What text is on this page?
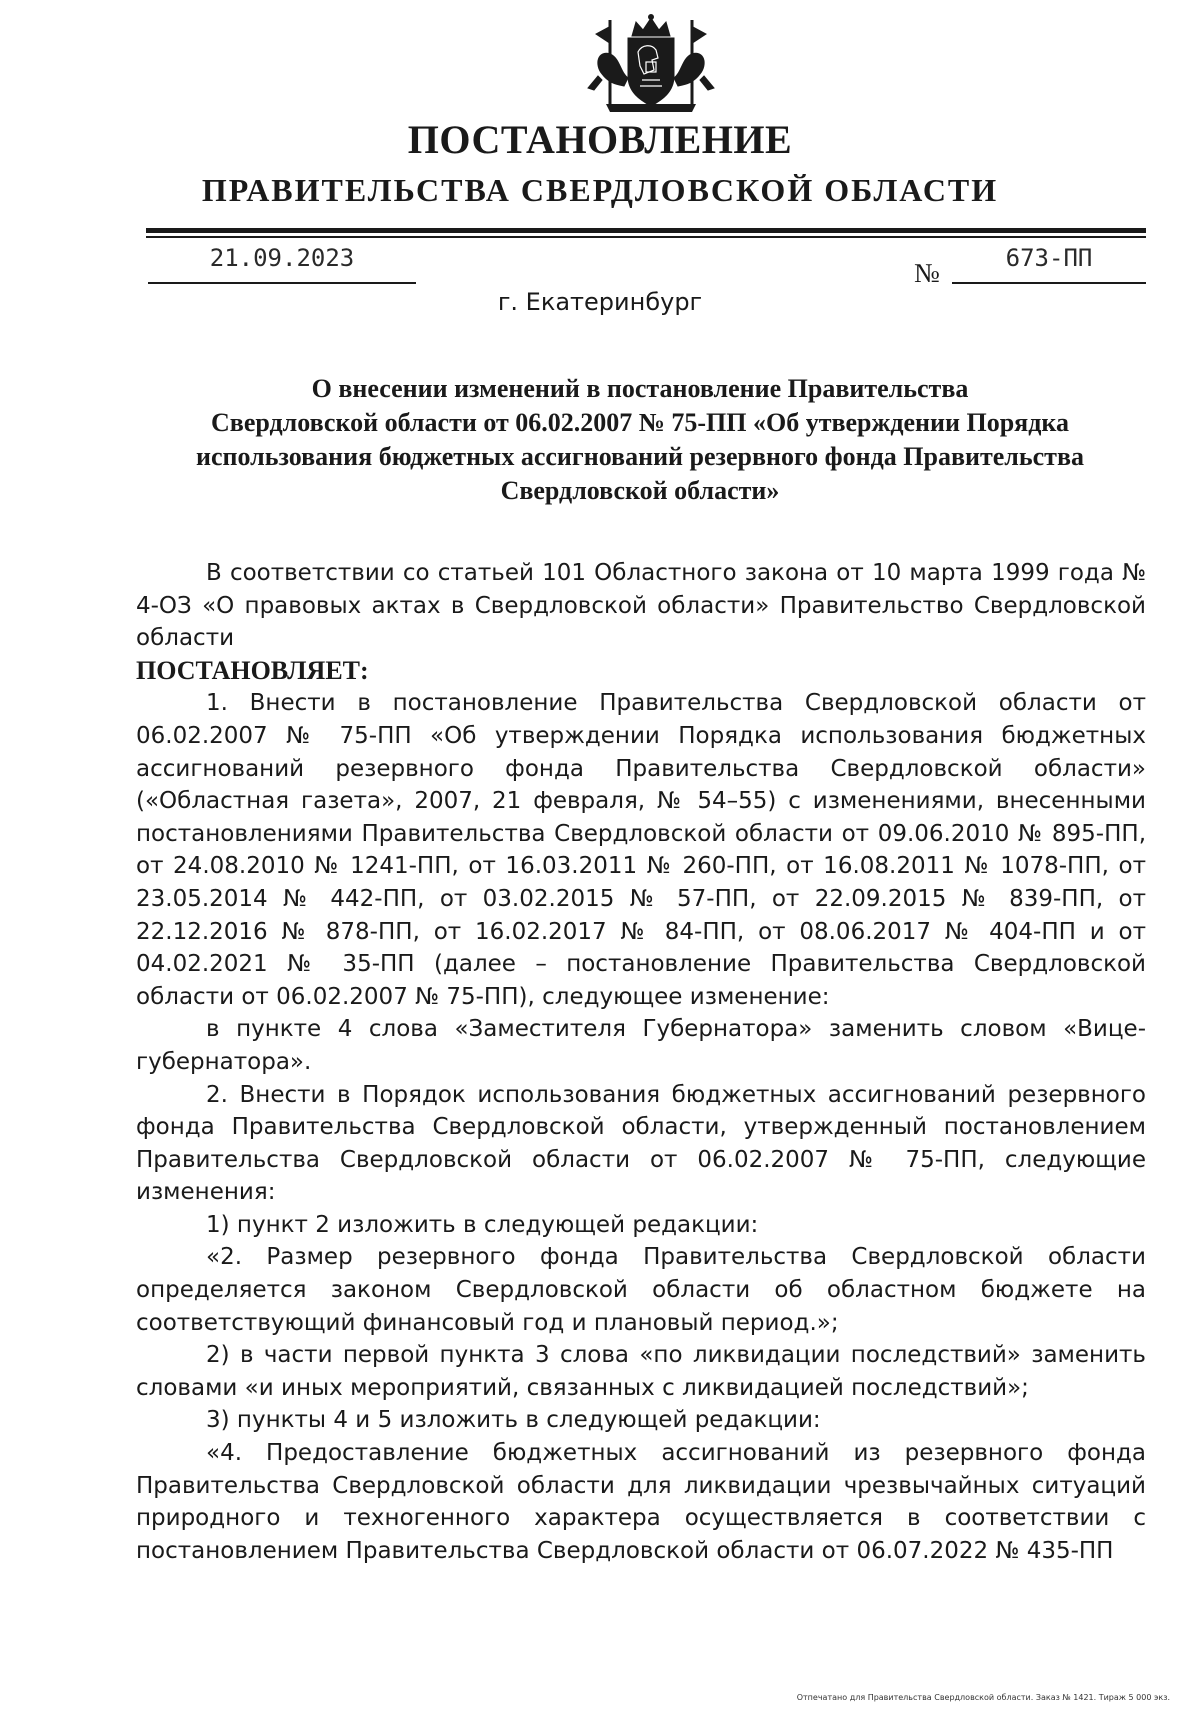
ПОСТАНОВЛЕНИЕ
ПРАВИТЕЛЬСТВА СВЕРДЛОВСКОЙ ОБЛАСТИ
21.09.2023	№	673-ПП
г. Екатеринбург
О внесении изменений в постановление Правительства
Свердловской области от 06.02.2007 № 75-ПП «Об утверждении Порядка
использования бюджетных ассигнований резервного фонда Правительства
Свердловской области»

В соответствии со статьей 101 Областного закона от 10 марта 1999 года № 4-ОЗ «О правовых актах в Свердловской области» Правительство Свердловской области

ПОСТАНОВЛЯЕТ:

1. Внести в постановление Правительства Свердловской области от 06.02.2007 № 75-ПП «Об утверждении Порядка использования бюджетных ассигнований резервного фонда Правительства Свердловской области» («Областная газета», 2007, 21 февраля, № 54–55) с изменениями, внесенными постановлениями Правительства Свердловской области от 09.06.2010 № 895-ПП, от 24.08.2010 № 1241-ПП, от 16.03.2011 № 260-ПП, от 16.08.2011 № 1078-ПП, от 23.05.2014 № 442-ПП, от 03.02.2015 № 57-ПП, от 22.09.2015 № 839-ПП, от 22.12.2016 № 878-ПП, от 16.02.2017 № 84-ПП, от 08.06.2017 № 404-ПП и от 04.02.2021 № 35-ПП (далее – постановление Правительства Свердловской области от 06.02.2007 № 75-ПП), следующее изменение:

в пункте 4 слова «Заместителя Губернатора» заменить словом «Вице-губернатора».

2. Внести в Порядок использования бюджетных ассигнований резервного фонда Правительства Свердловской области, утвержденный постановлением Правительства Свердловской области от 06.02.2007 № 75-ПП, следующие изменения:

1) пункт 2 изложить в следующей редакции:

«2. Размер резервного фонда Правительства Свердловской области определяется законом Свердловской области об областном бюджете на соответствующий финансовый год и плановый период.»;

2) в части первой пункта 3 слова «по ликвидации последствий» заменить словами «и иных мероприятий, связанных с ликвидацией последствий»;

3) пункты 4 и 5 изложить в следующей редакции:

«4. Предоставление бюджетных ассигнований из резервного фонда Правительства Свердловской области для ликвидации чрезвычайных ситуаций природного и техногенного характера осуществляется в соответствии с постановлением Правительства Свердловской области от 06.07.2022 № 435-ПП

Отпечатано для Правительства Свердловской области. Заказ № 1421. Тираж 5 000 экз.
